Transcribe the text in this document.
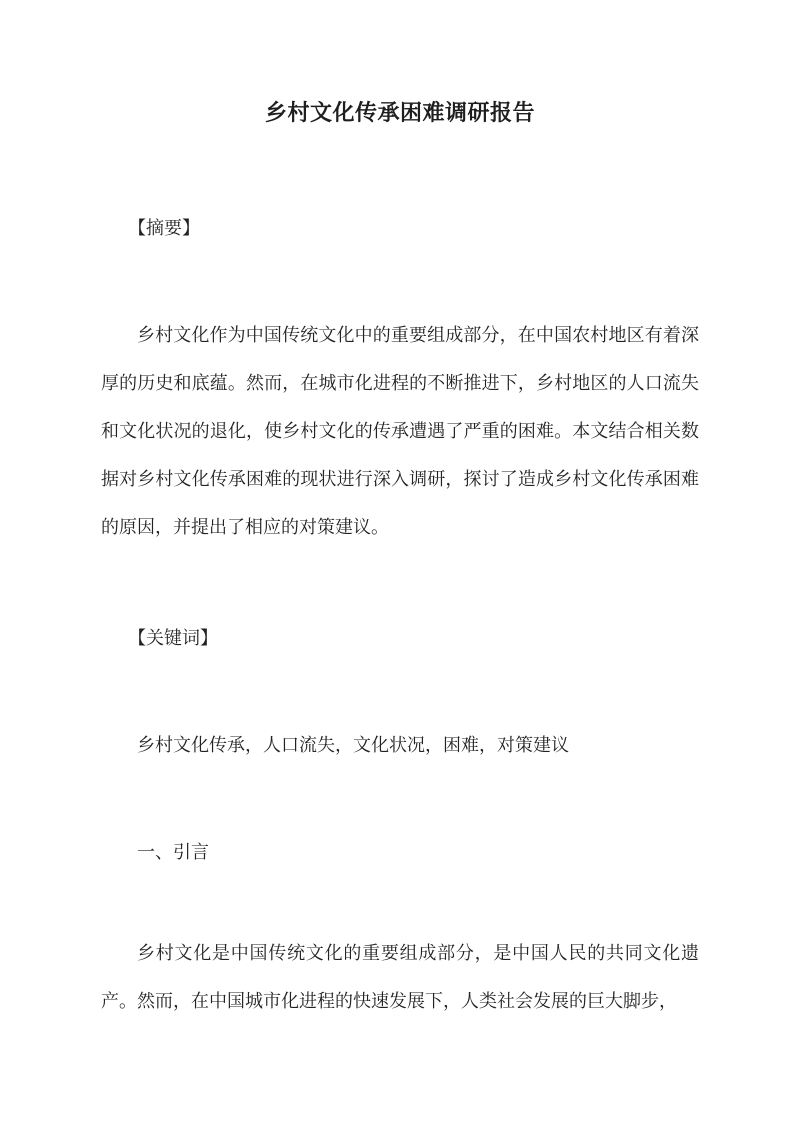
乡村文化传承困难调研报告
【摘要】
乡村文化作为中国传统文化中的重要组成部分，在中国农村地区有着深厚的历史和底蕴。然而，在城市化进程的不断推进下，乡村地区的人口流失和文化状况的退化，使乡村文化的传承遭遇了严重的困难。本文结合相关数据对乡村文化传承困难的现状进行深入调研，探讨了造成乡村文化传承困难的原因，并提出了相应的对策建议。
【关键词】
乡村文化传承，人口流失，文化状况，困难，对策建议
一、引言
乡村文化是中国传统文化的重要组成部分，是中国人民的共同文化遗产。然而，在中国城市化进程的快速发展下，人类社会发展的巨大脚步，
